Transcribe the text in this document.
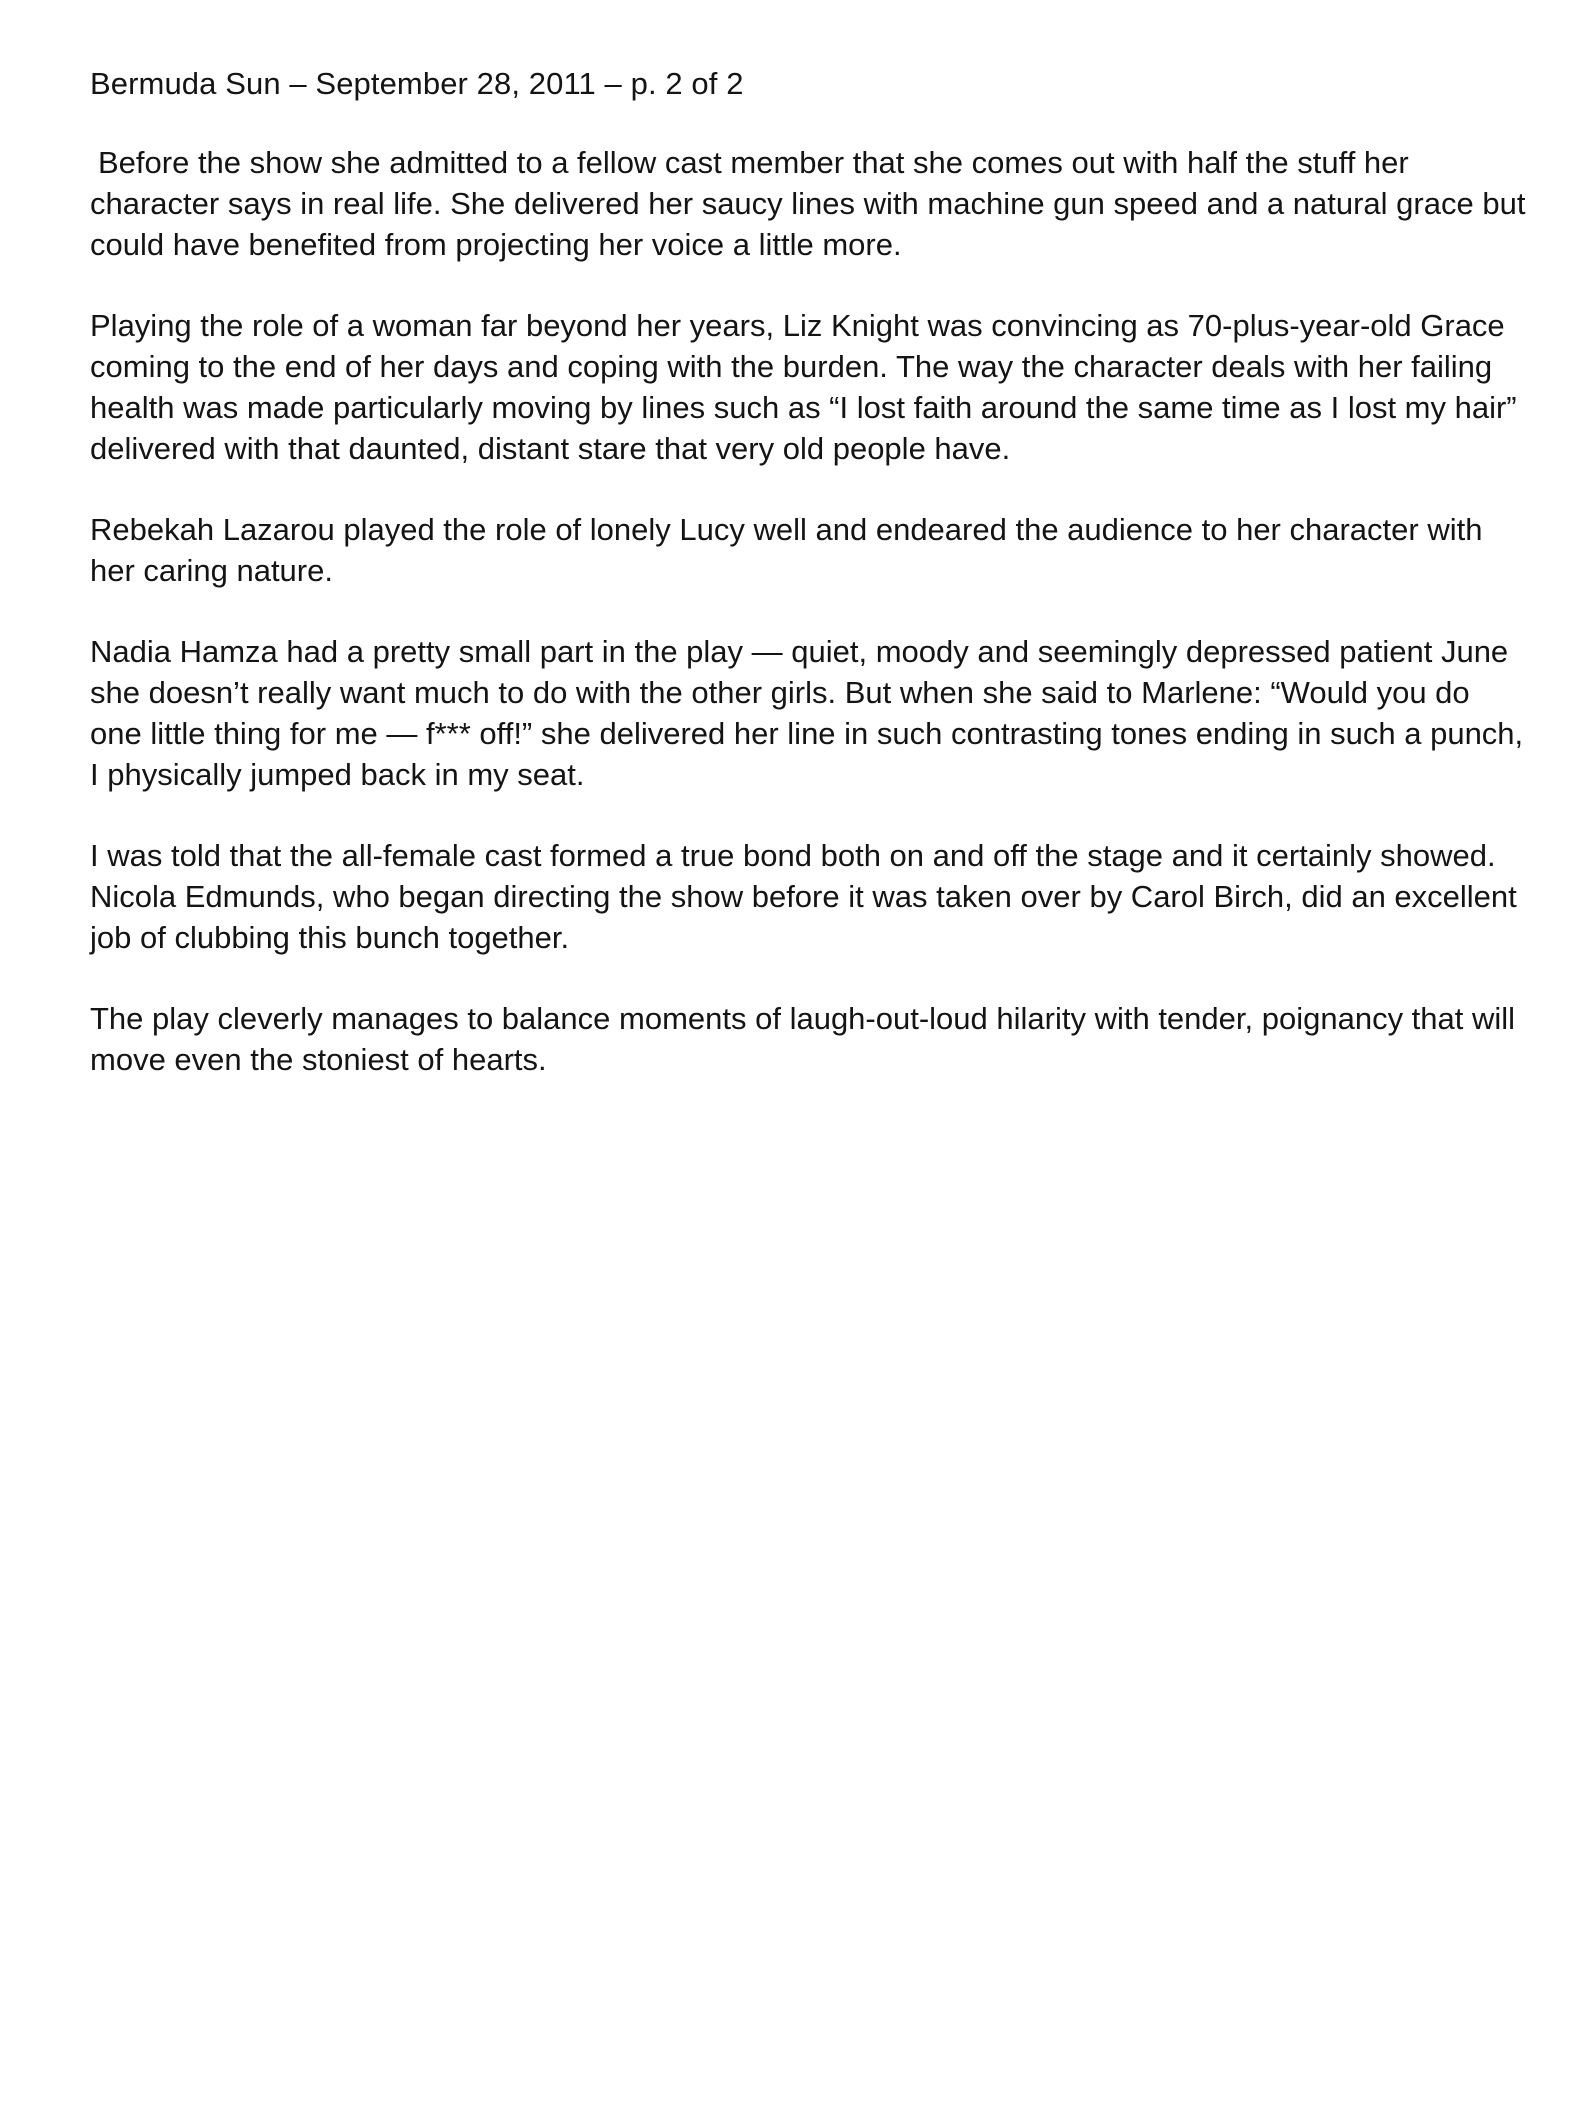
Bermuda Sun – September 28, 2011 – p. 2 of 2

Before the show she admitted to a fellow cast member that she comes out with half the stuff her character says in real life. She delivered her saucy lines with machine gun speed and a natural grace but could have benefited from projecting her voice a little more.

Playing the role of a woman far beyond her years, Liz Knight was convincing as 70-plus-year-old Grace coming to the end of her days and coping with the burden. The way the character deals with her failing health was made particularly moving by lines such as “I lost faith around the same time as I lost my hair” delivered with that daunted, distant stare that very old people have.

Rebekah Lazarou played the role of lonely Lucy well and endeared the audience to her character with her caring nature.

Nadia Hamza had a pretty small part in the play — quiet, moody and seemingly depressed patient June she doesn’t really want much to do with the other girls. But when she said to Marlene: “Would you do one little thing for me — f*** off!” she delivered her line in such contrasting tones ending in such a punch, I physically jumped back in my seat.

I was told that the all-female cast formed a true bond both on and off the stage and it certainly showed. Nicola Edmunds, who began directing the show before it was taken over by Carol Birch, did an excellent job of clubbing this bunch together.

The play cleverly manages to balance moments of laugh-out-loud hilarity with tender, poignancy that will move even the stoniest of hearts.
